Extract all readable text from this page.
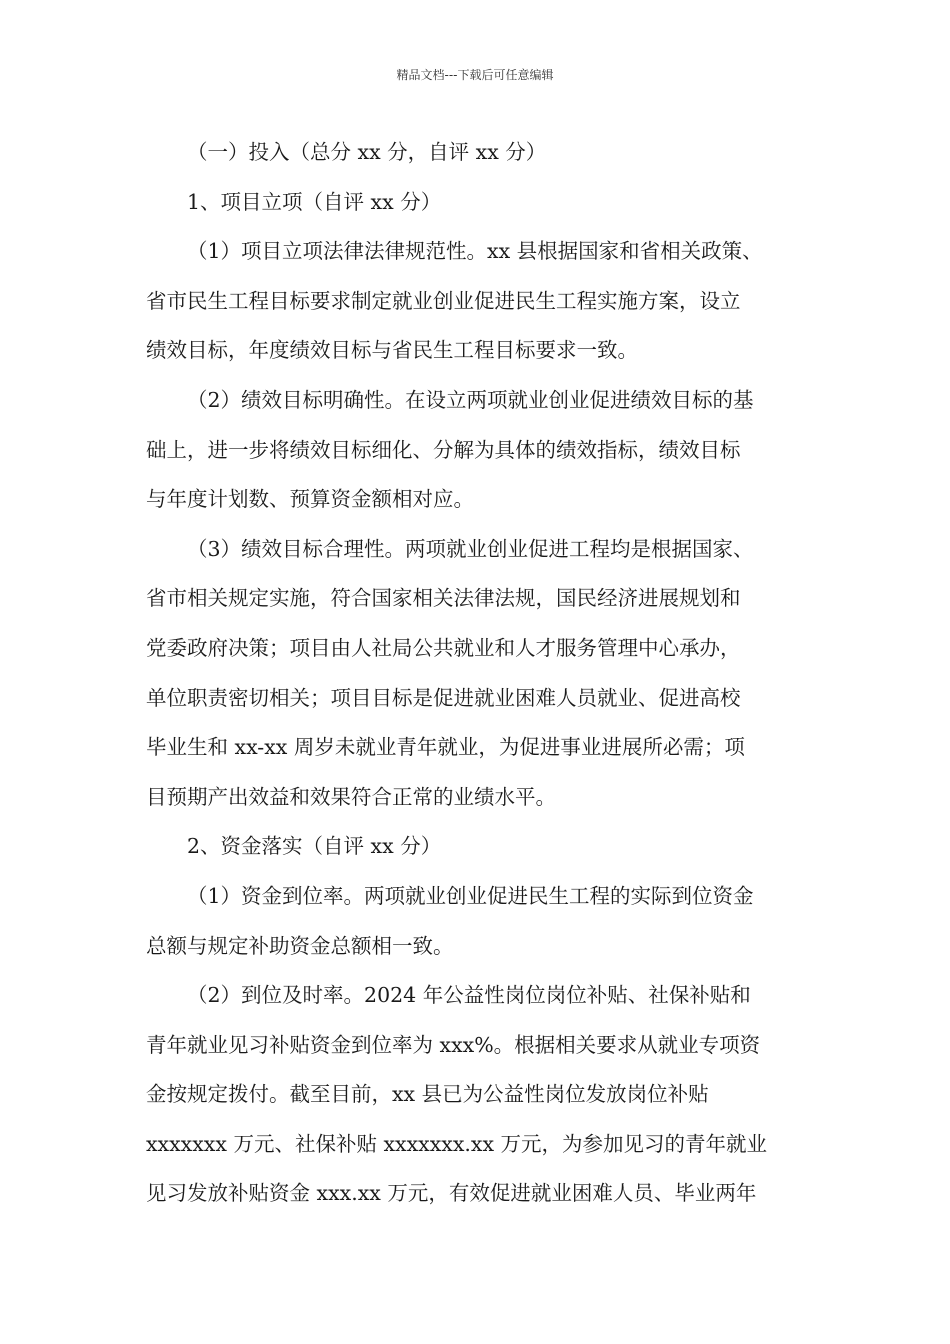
精品文档---下载后可任意编辑

（一）投入（总分 xx 分，自评 xx 分）

1、项目立项（自评 xx 分）

（1）项目立项法律法律规范性。xx 县根据国家和省相关政策、
省市民生工程目标要求制定就业创业促进民生工程实施方案，设立
绩效目标，年度绩效目标与省民生工程目标要求一致。

（2）绩效目标明确性。在设立两项就业创业促进绩效目标的基
础上，进一步将绩效目标细化、分解为具体的绩效指标，绩效目标
与年度计划数、预算资金额相对应。

（3）绩效目标合理性。两项就业创业促进工程均是根据国家、
省市相关规定实施，符合国家相关法律法规，国民经济进展规划和
党委政府决策；项目由人社局公共就业和人才服务管理中心承办，
单位职责密切相关；项目目标是促进就业困难人员就业、促进高校
毕业生和 xx-xx 周岁未就业青年就业，为促进事业进展所必需；项
目预期产出效益和效果符合正常的业绩水平。

2、资金落实（自评 xx 分）

（1）资金到位率。两项就业创业促进民生工程的实际到位资金
总额与规定补助资金总额相一致。

（2）到位及时率。2024 年公益性岗位岗位补贴、社保补贴和
青年就业见习补贴资金到位率为 xxx%。根据相关要求从就业专项资
金按规定拨付。截至目前，xx 县已为公益性岗位发放岗位补贴
xxxxxxx 万元、社保补贴 xxxxxxx.xx 万元，为参加见习的青年就业
见习发放补贴资金 xxx.xx 万元，有效促进就业困难人员、毕业两年
